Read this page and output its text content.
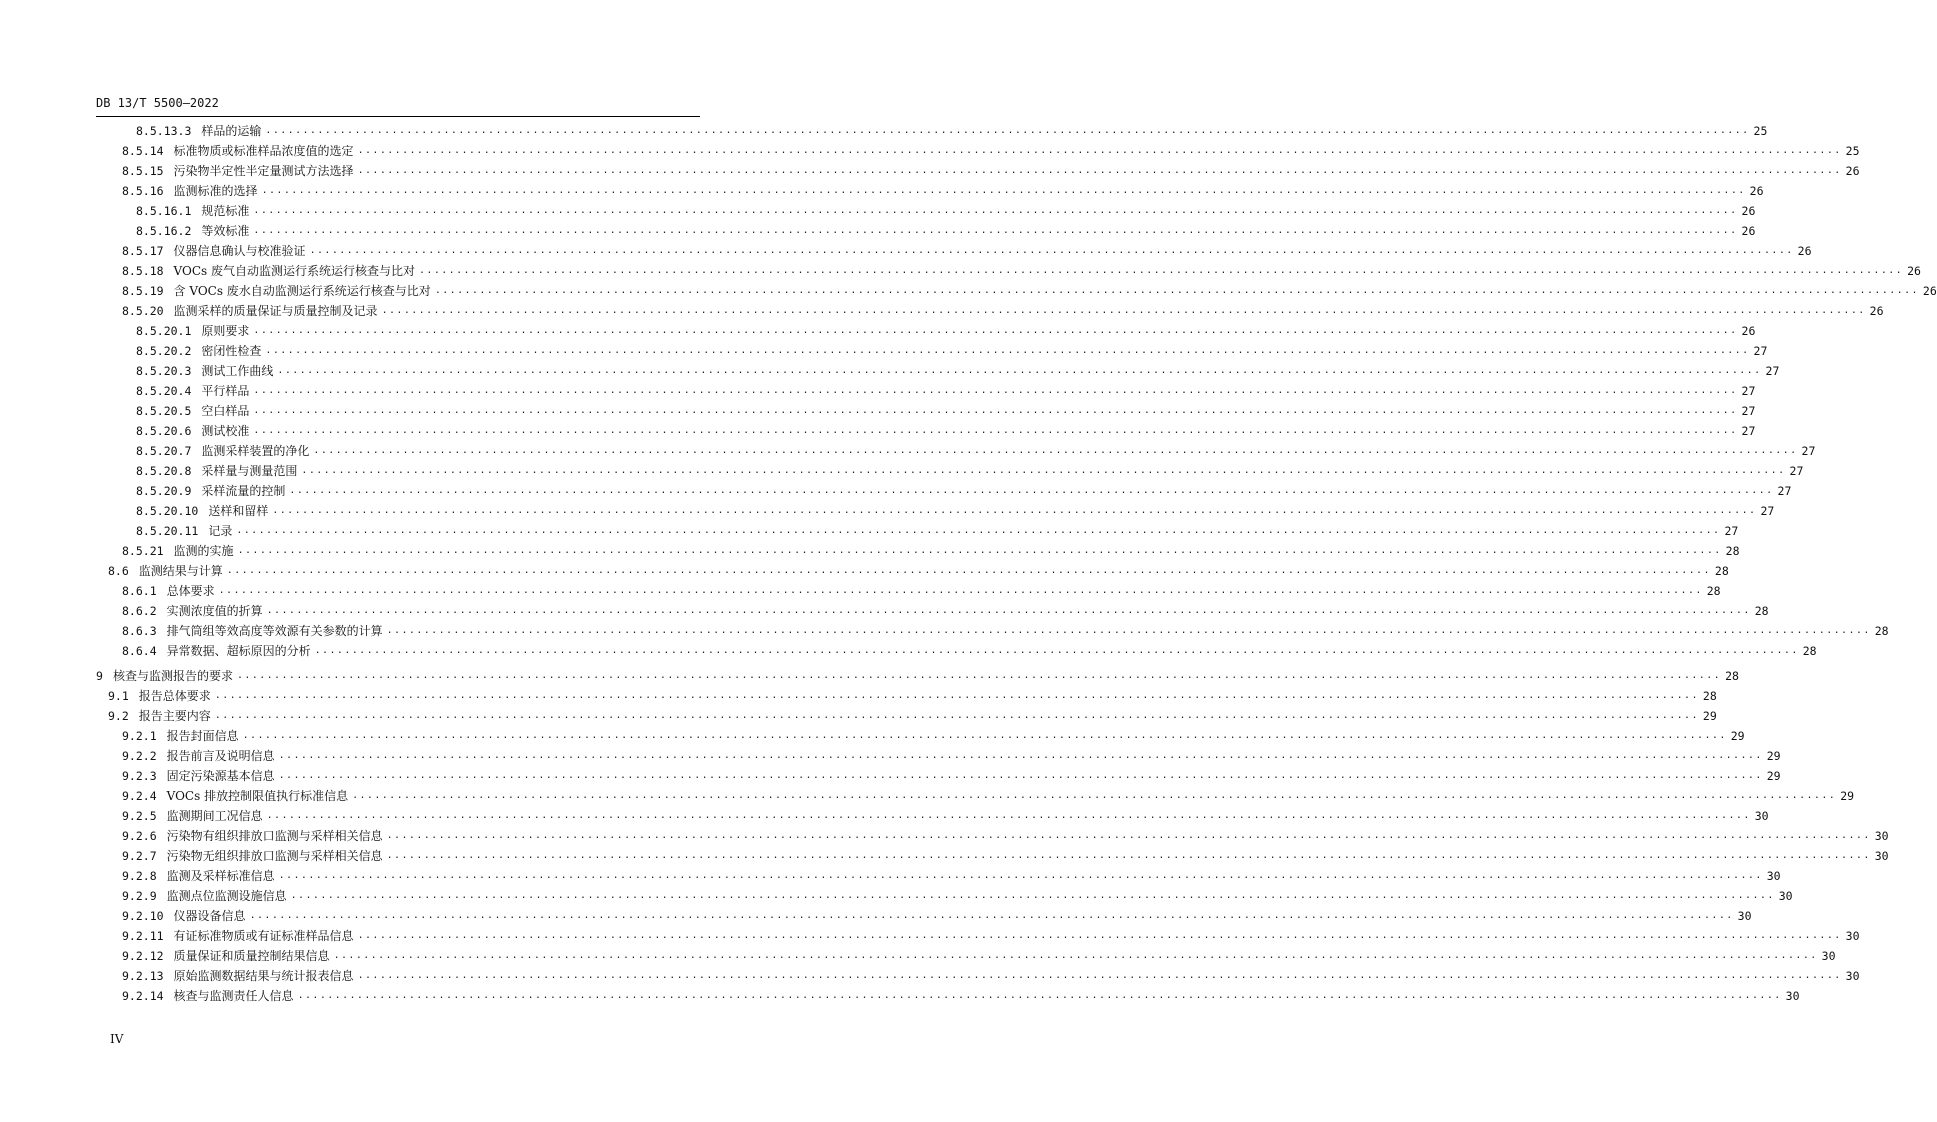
DB 13/T 5500—2022
8.5.13.3 样品的运输 ........................................................................................................................................................................................................ 25
8.5.14 标准物质或标准样品浓度值的选定 ........................................................................................................................................................................................................ 25
8.5.15 污染物半定性半定量测试方法选择 ........................................................................................................................................................................................................ 26
8.5.16 监测标准的选择 ........................................................................................................................................................................................................ 26
8.5.16.1 规范标准 ........................................................................................................................................................................................................ 26
8.5.16.2 等效标准 ........................................................................................................................................................................................................ 26
8.5.17 仪器信息确认与校准验证 ........................................................................................................................................................................................................ 26
8.5.18 VOCs 废气自动监测运行系统运行核查与比对 ........................................................................................................................................................................................................ 26
8.5.19 含 VOCs 废水自动监测运行系统运行核查与比对 ........................................................................................................................................................................................................ 26
8.5.20 监测采样的质量保证与质量控制及记录 ........................................................................................................................................................................................................ 26
8.5.20.1 原则要求 ........................................................................................................................................................................................................ 26
8.5.20.2 密闭性检查 ........................................................................................................................................................................................................ 27
8.5.20.3 测试工作曲线 ........................................................................................................................................................................................................ 27
8.5.20.4 平行样品 ........................................................................................................................................................................................................ 27
8.5.20.5 空白样品 ........................................................................................................................................................................................................ 27
8.5.20.6 测试校准 ........................................................................................................................................................................................................ 27
8.5.20.7 监测采样装置的净化 ........................................................................................................................................................................................................ 27
8.5.20.8 采样量与测量范围 ........................................................................................................................................................................................................ 27
8.5.20.9 采样流量的控制 ........................................................................................................................................................................................................ 27
8.5.20.10 送样和留样 ........................................................................................................................................................................................................ 27
8.5.20.11 记录 ........................................................................................................................................................................................................ 27
8.5.21 监测的实施 ........................................................................................................................................................................................................ 28
8.6 监测结果与计算 ........................................................................................................................................................................................................ 28
8.6.1 总体要求 ........................................................................................................................................................................................................ 28
8.6.2 实测浓度值的折算 ........................................................................................................................................................................................................ 28
8.6.3 排气筒组等效高度等效源有关参数的计算 ........................................................................................................................................................................................................ 28
8.6.4 异常数据、超标原因的分析 ........................................................................................................................................................................................................ 28
9 核查与监测报告的要求 ........................................................................................................................................................................................................ 28
9.1 报告总体要求 ........................................................................................................................................................................................................ 28
9.2 报告主要内容 ........................................................................................................................................................................................................ 29
9.2.1 报告封面信息 ........................................................................................................................................................................................................ 29
9.2.2 报告前言及说明信息 ........................................................................................................................................................................................................ 29
9.2.3 固定污染源基本信息 ........................................................................................................................................................................................................ 29
9.2.4 VOCs 排放控制限值执行标准信息 ........................................................................................................................................................................................................ 29
9.2.5 监测期间工况信息 ........................................................................................................................................................................................................ 30
9.2.6 污染物有组织排放口监测与采样相关信息 ........................................................................................................................................................................................................ 30
9.2.7 污染物无组织排放口监测与采样相关信息 ........................................................................................................................................................................................................ 30
9.2.8 监测及采样标准信息 ........................................................................................................................................................................................................ 30
9.2.9 监测点位监测设施信息 ........................................................................................................................................................................................................ 30
9.2.10 仪器设备信息 ........................................................................................................................................................................................................ 30
9.2.11 有证标准物质或有证标准样品信息 ........................................................................................................................................................................................................ 30
9.2.12 质量保证和质量控制结果信息 ........................................................................................................................................................................................................ 30
9.2.13 原始监测数据结果与统计报表信息 ........................................................................................................................................................................................................ 30
9.2.14 核查与监测责任人信息 ........................................................................................................................................................................................................ 30
IV
